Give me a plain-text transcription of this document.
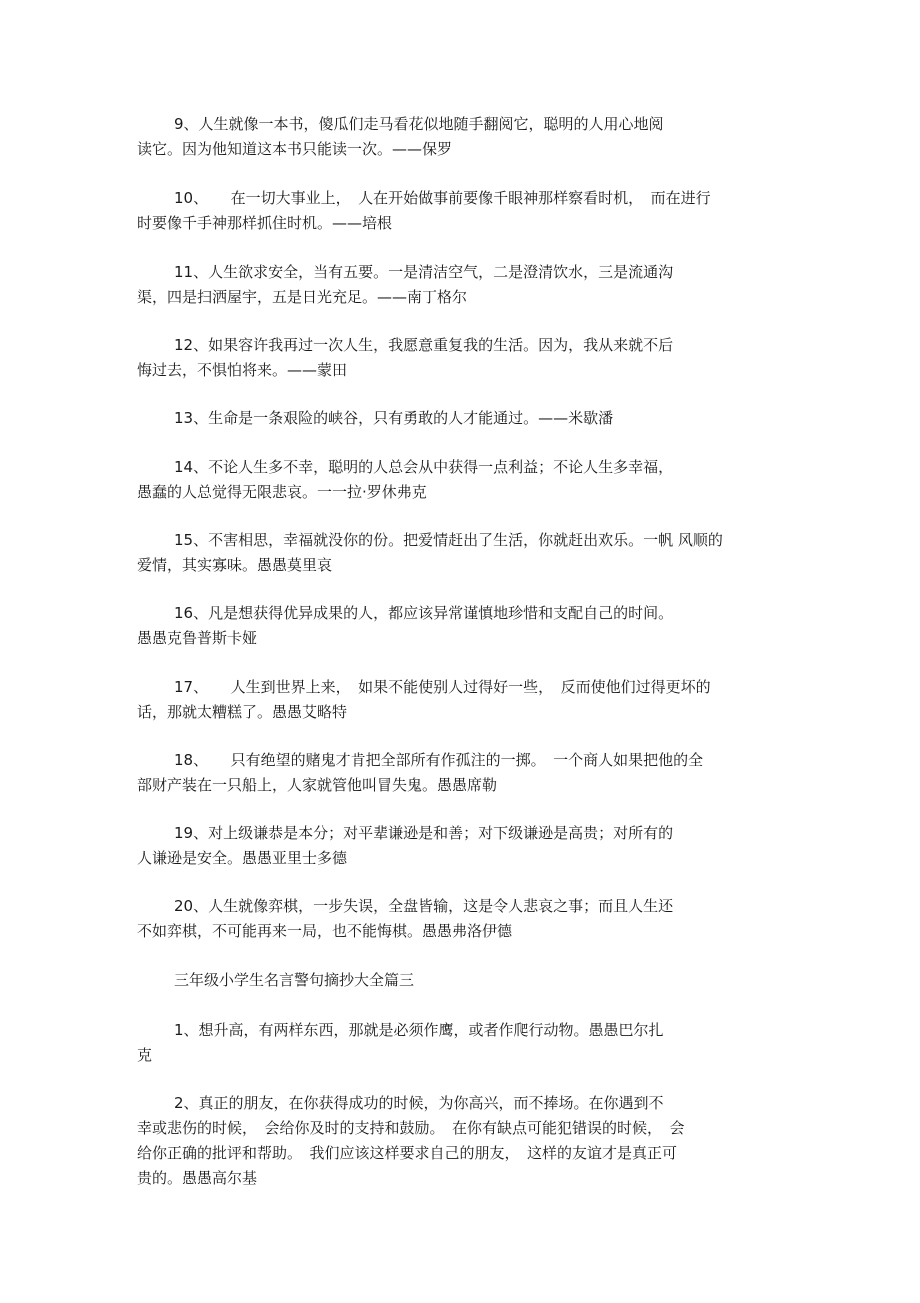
9、人生就像一本书，傻瓜们走马看花似地随手翻阅它，聪明的人用心地阅
读它。因为他知道这本书只能读一次。——保罗
10、　　在一切大事业上，　人在开始做事前要像千眼神那样察看时机，　而在进行
时要像千手神那样抓住时机。——培根
11、人生欲求安全，当有五要。一是清洁空气，二是澄清饮水，三是流通沟
渠，四是扫洒屋宇，五是日光充足。——南丁格尔
12、如果容许我再过一次人生，我愿意重复我的生活。因为，我从来就不后
悔过去，不惧怕将来。——蒙田
13、生命是一条艰险的峡谷，只有勇敢的人才能通过。——米歇潘
14、不论人生多不幸，聪明的人总会从中获得一点利益；不论人生多幸福，
愚蠢的人总觉得无限悲哀。一一拉·罗休弗克
15、不害相思，幸福就没你的份。把爱情赶出了生活，你就赶出欢乐。一帆 风顺的
爱情，其实寡味。愚愚莫里哀
16、凡是想获得优异成果的人，都应该异常谨慎地珍惜和支配自己的时间。
愚愚克鲁普斯卡娅
17、　　人生到世界上来，　如果不能使别人过得好一些，　反而使他们过得更坏的
话，那就太糟糕了。愚愚艾略特
18、　　只有绝望的赌鬼才肯把全部所有作孤注的一掷。　一个商人如果把他的全
部财产装在一只船上，人家就管他叫冒失鬼。愚愚席勒
19、对上级谦恭是本分；对平辈谦逊是和善；对下级谦逊是高贵；对所有的
人谦逊是安全。愚愚亚里士多德
20、人生就像弈棋，一步失误，全盘皆输，这是令人悲哀之事；而且人生还
不如弈棋，不可能再来一局，也不能悔棋。愚愚弗洛伊德
三年级小学生名言警句摘抄大全篇三
1、想升高，有两样东西，那就是必须作鹰，或者作爬行动物。愚愚巴尔扎
克
2、真正的朋友，在你获得成功的时候，为你高兴，而不捧场。在你遇到不
幸或悲伤的时候，　会给你及时的支持和鼓励。　在你有缺点可能犯错误的时候，　会
给你正确的批评和帮助。　我们应该这样要求自己的朋友，　这样的友谊才是真正可
贵的。愚愚高尔基
